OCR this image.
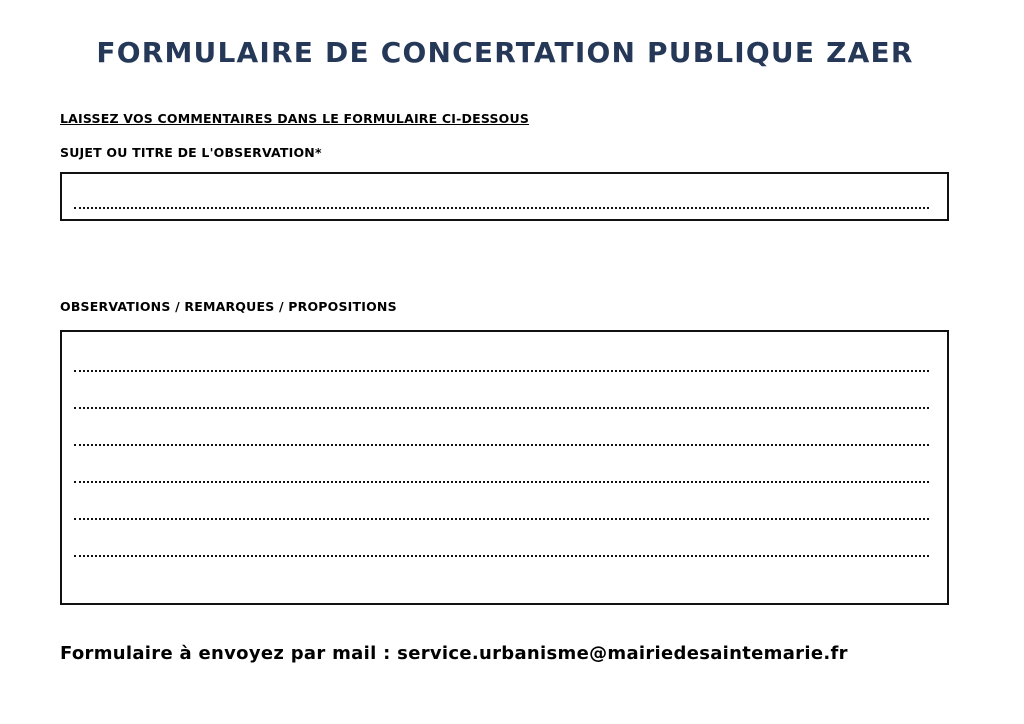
FORMULAIRE DE CONCERTATION PUBLIQUE ZAER

LAISSEZ VOS COMMENTAIRES DANS LE FORMULAIRE CI-DESSOUS

SUJET OU TITRE DE L'OBSERVATION*

OBSERVATIONS / REMARQUES / PROPOSITIONS

Formulaire à envoyez par mail : service.urbanisme@mairiedesaintemarie.fr
